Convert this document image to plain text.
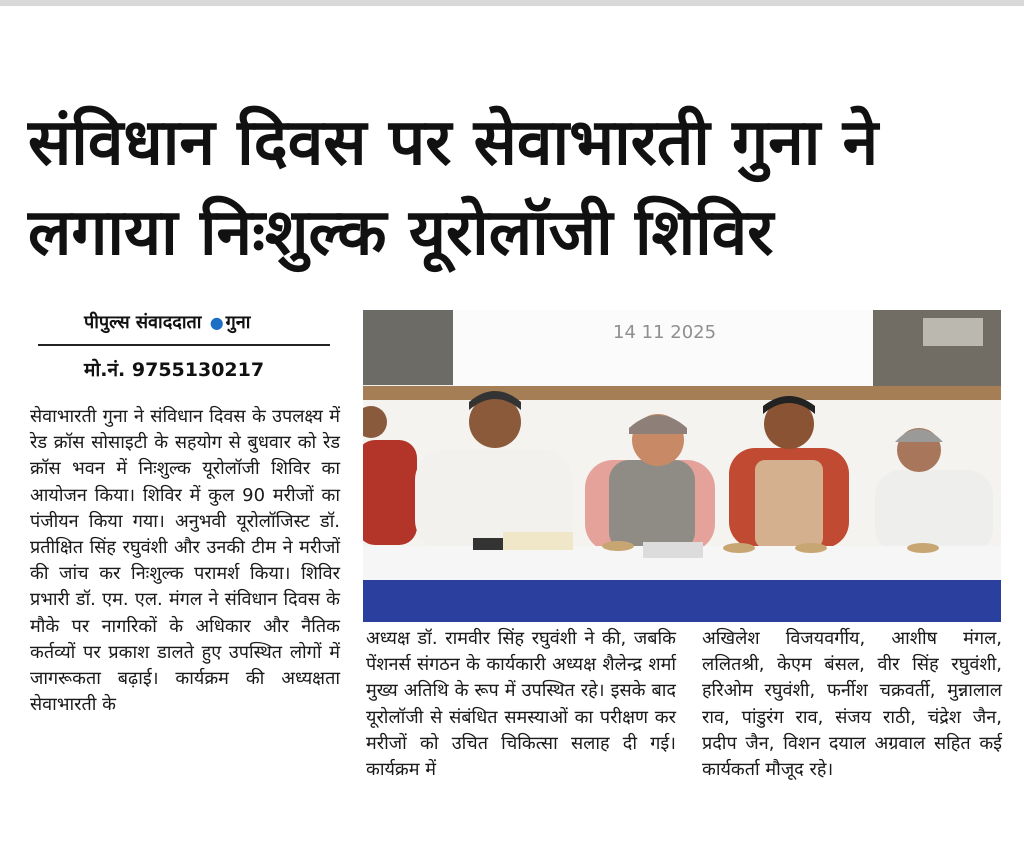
संविधान दिवस पर सेवाभारती गुना ने
लगाया निःशुल्क यूरोलॉजी शिविर
पीपुल्स संवाददाता ● गुना
मो.नं. 9755130217
14 11 2025

सेवाभारती गुना ने संविधान दिवस के उपलक्ष्य में रेड क्रॉस सोसाइटी के सहयोग से बुधवार को रेड क्रॉस भवन में निःशुल्क यूरोलॉजी शिविर का आयोजन किया। शिविर में कुल 90 मरीजों का पंजीयन किया गया। अनुभवी यूरोलॉजिस्ट डॉ. प्रतीक्षित सिंह रघुवंशी और उनकी टीम ने मरीजों की जांच कर निःशुल्क परामर्श किया। शिविर प्रभारी डॉ. एम. एल. मंगल ने संविधान दिवस के मौके पर नागरिकों के अधिकार और नैतिक कर्तव्यों पर प्रकाश डालते हुए उपस्थित लोगों में जागरूकता बढ़ाई। कार्यक्रम की अध्यक्षता सेवाभारती के

अध्यक्ष डॉ. रामवीर सिंह रघुवंशी ने की, जबकि पेंशनर्स संगठन के कार्यकारी अध्यक्ष शैलेन्द्र शर्मा मुख्य अतिथि के रूप में उपस्थित रहे। इसके बाद यूरोलॉजी से संबंधित समस्याओं का परीक्षण कर मरीजों को उचित चिकित्सा सलाह दी गई। कार्यक्रम में

अखिलेश विजयवर्गीय, आशीष मंगल, ललितश्री, केएम बंसल, वीर सिंह रघुवंशी, हरिओम रघुवंशी, फर्नीश चक्रवर्ती, मुन्नालाल राव, पांडुरंग राव, संजय राठी, चंद्रेश जैन, प्रदीप जैन, विशन दयाल अग्रवाल सहित कई कार्यकर्ता मौजूद रहे।
